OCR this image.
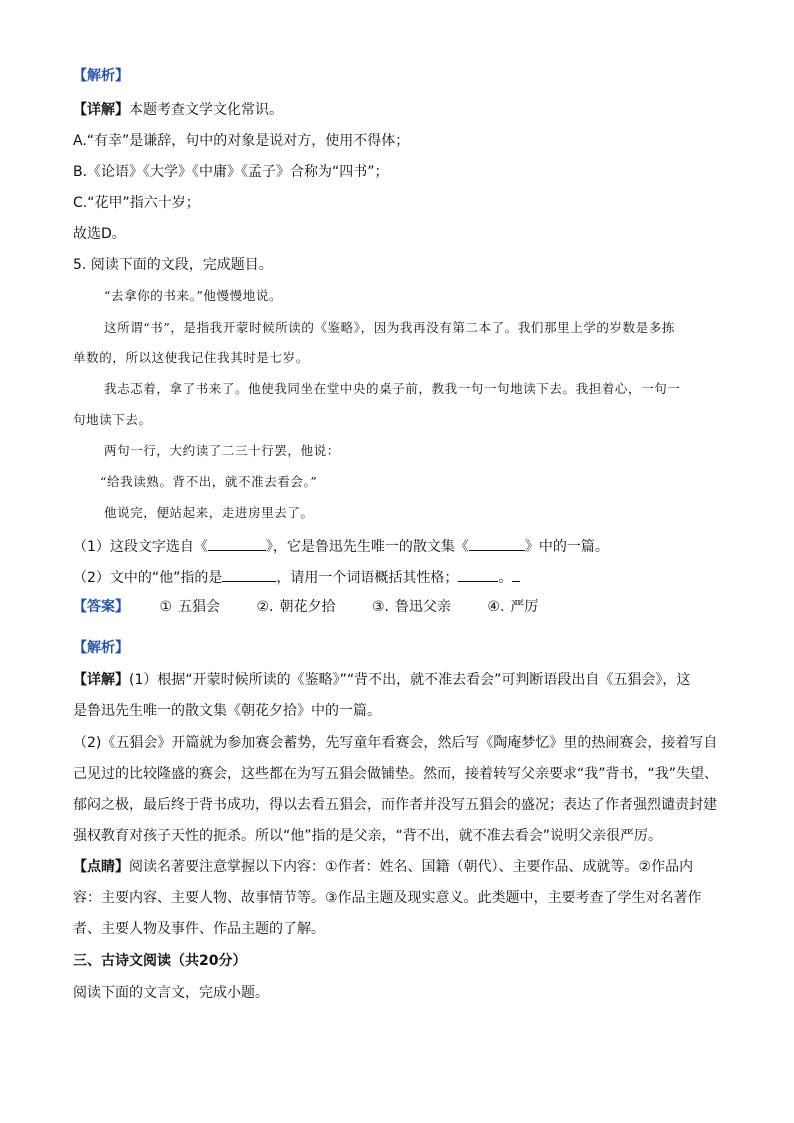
【解析】
【详解】本题考查文学文化常识。
A.“有幸”是谦辞，句中的对象是说对方，使用不得体；
B.《论语》《大学》《中庸》《孟子》合称为“四书”；
C.“花甲”指六十岁；
故选D。
5. 阅读下面的文段，完成题目。
“去拿你的书来。”他慢慢地说。
这所谓“书”，是指我开蒙时候所读的《鉴略》，因为我再没有第二本了。我们那里上学的岁数是多拣
单数的，所以这使我记住我其时是七岁。
我忐忑着，拿了书来了。他使我同坐在堂中央的桌子前，教我一句一句地读下去。我担着心，一句一
句地读下去。
两句一行，大约读了二三十行罢，他说：
“给我读熟。背不出，就不准去看会。”
他说完，便站起来，走进房里去了。
（1）这段文字选自《	》，它是鲁迅先生唯一的散文集《	》中的一篇。
（2）文中的“他”指的是	，请用一个词语概括其性格；	。
【答案】 ① 五猖会	②. 朝花夕拾	③. 鲁迅父亲	④. 严厉
【解析】
【详解】(1）根据“开蒙时候所读的《鉴略》”“背不出，就不准去看会”可判断语段出自《五猖会》，这
是鲁迅先生唯一的散文集《朝花夕拾》中的一篇。
（2)《五猖会》开篇就为参加赛会蓄势，先写童年看赛会，然后写《陶庵梦忆》里的热闹赛会，接着写自
己见过的比较隆盛的赛会，这些都在为写五猖会做铺垫。然而，接着转写父亲要求“我”背书，“我”失望、
郁闷之极，最后终于背书成功，得以去看五猖会，而作者并没写五猖会的盛况；表达了作者强烈谴责封建
强权教育对孩子天性的扼杀。所以“他”指的是父亲，“背不出，就不准去看会”说明父亲很严厉。
【点睛】阅读名著要注意掌握以下内容：①作者：姓名、国籍（朝代）、主要作品、成就等。②作品内
容：主要内容、主要人物、故事情节等。③作品主题及现实意义。此类题中，主要考查了学生对名著作
者、主要人物及事件、作品主题的了解。
三、古诗文阅读（共20分）
阅读下面的文言文，完成小题。
